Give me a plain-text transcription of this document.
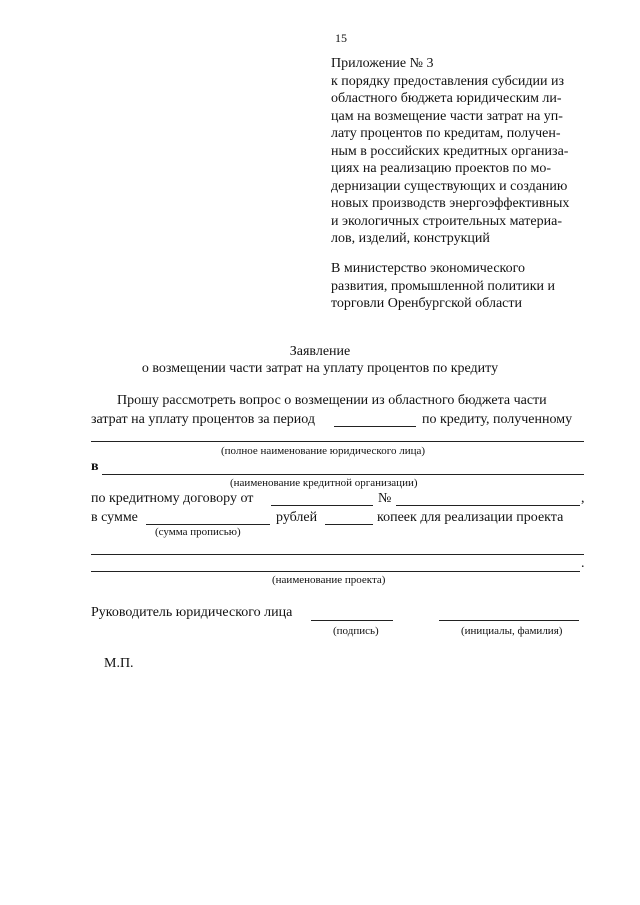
15
Приложение № 3
к порядку предоставления субсидии из
областного бюджета юридическим ли-
цам на возмещение части затрат на уп-
лату процентов по кредитам, получен-
ным в российских кредитных организа-
циях на реализацию проектов по мо-
дернизации существующих и созданию
новых производств энергоэффективных
и экологичных строительных материа-
лов, изделий, конструкций
В министерство экономического
развития, промышленной политики и
торговли Оренбургской области
Заявление
о возмещении части затрат на уплату процентов по кредиту
Прошу рассмотреть вопрос о возмещении из областного бюджета части
затрат на уплату процентов за период	по кредиту, полученному
(полное наименование юридического лица)
в
(наименование кредитной организации)
по кредитному договору от	№	,
в сумме	рублей	копеек для реализации проекта
(сумма прописью)
.
(наименование проекта)
Руководитель юридического лица
(подпись)	(инициалы, фамилия)
М.П.
